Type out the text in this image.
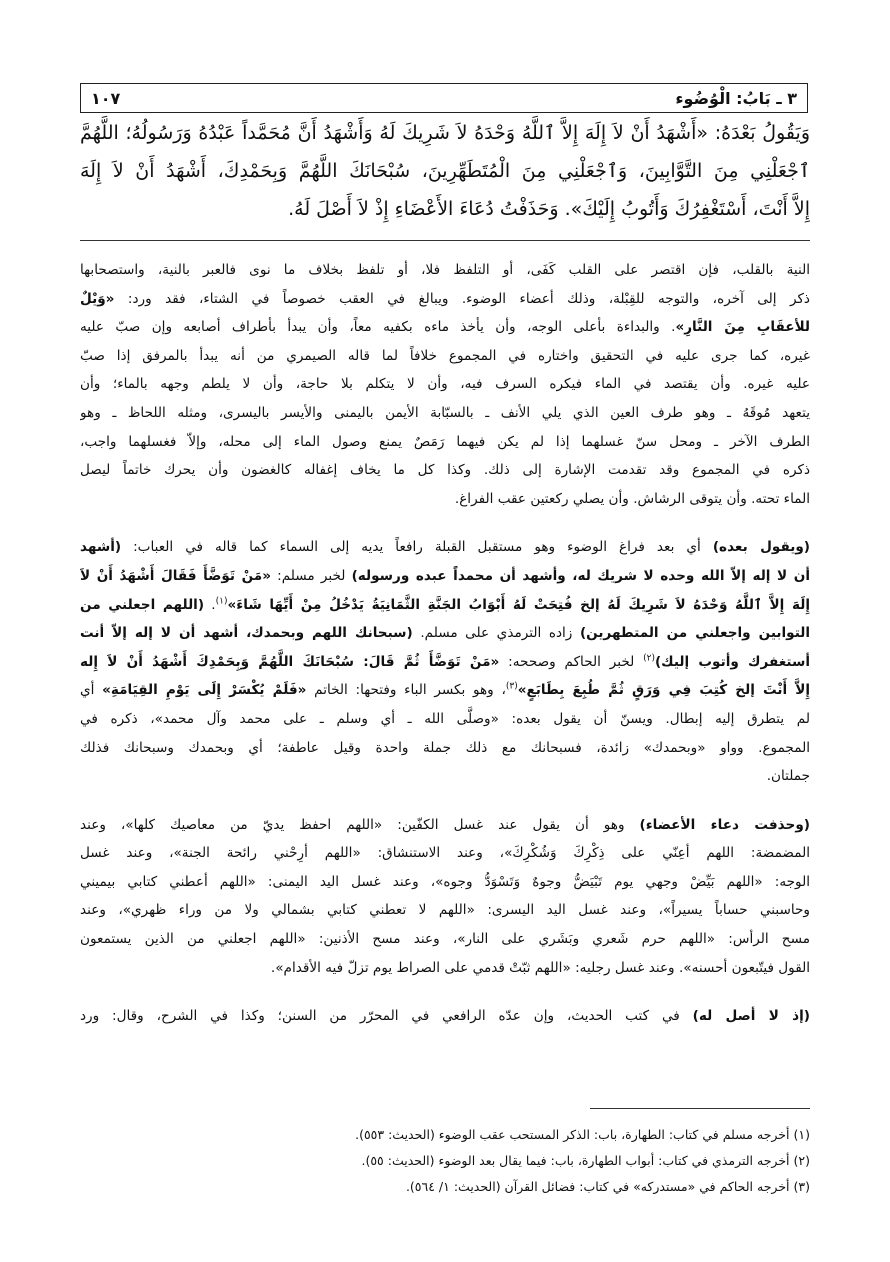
٣ ـ بَابُ: الْوُضُوء
١٠٧
وَيَقُولُ بَعْدَهُ: «أَشْهَدُ أَنْ لاَ إِلَهَ إِلاَّ ٱللَّهُ وَحْدَهُ لاَ شَرِيكَ لَهُ وَأَشْهَدُ أَنَّ مُحَمَّداً عَبْدُهُ وَرَسُولُهُ؛ اللَّهُمَّ
ٱجْعَلْنِي مِنَ التَّوَّابِينَ، وَٱجْعَلْنِي مِنَ الْمُتَطَهِّرِينَ، سُبْحَانَكَ اللَّهُمَّ وَبِحَمْدِكَ، أَشْهَدُ أَنْ لاَ إِلَهَ
إِلاَّ أَنْتَ، أَسْتَغْفِرُكَ وَأَتُوبُ إِلَيْكَ». وَحَذَفْتُ دُعَاءَ الأَعْضَاءِ إِذْ لاَ أَصْلَ لَهُ.
النية بالقلب، فإن اقتصر على القلب كَفَى، أو التلفظ فلا، أو تلفظ بخلاف ما نوى فالعبر بالنية، واستصحابها
ذكر إلى آخره، والتوجه للقِبْلة، وذلك أعضاء الوضوء. ويبالغ في العقب خصوصاً في الشتاء، فقد ورد: «وَيْلٌ
للأعقَابِ مِنَ النَّارِ». والبداءة بأعلى الوجه، وأن يأخذ ماءه بكفيه معاً، وأن يبدأ بأطراف أصابعه وإن صبّ عليه
غيره، كما جرى عليه في التحقيق واختاره في المجموع خلافاً لما قاله الصيمري من أنه يبدأ بالمرفق إذا صبّ
عليه غيره. وأن يقتصد في الماء فيكره السرف فيه، وأن لا يتكلم بلا حاجة، وأن لا يلطم وجهه بالماء؛ وأن
يتعهد مُوقَهُ ـ وهو طرف العين الذي يلي الأنف ـ بالسبّابة الأيمن باليمنى والأيسر باليسرى، ومثله اللحاظ ـ وهو
الطرف الآخر ـ ومحل سنّ غسلهما إذا لم يكن فيهما رَمَصٌ يمنع وصول الماء إلى محله، وإلاّ فغسلهما واجب،
ذكره في المجموع وقد تقدمت الإشارة إلى ذلك. وكذا كل ما يخاف إغفاله كالغضون وأن يحرك خاتماً ليصل
الماء تحته. وأن يتوقى الرشاش. وأن يصلي ركعتين عقب الفراغ.
(ويقول بعده) أي بعد فراغ الوضوء وهو مستقبل القبلة رافعاً يديه إلى السماء كما قاله في العباب: (أشهد
أن لا إله إلاّ الله وحده لا شريك له، وأشهد أن محمداً عبده ورسوله) لخبر مسلم: «مَنْ تَوَضَّأَ فَقَالَ أَشْهَدُ أَنْ لاَ
إِلَهَ إِلاَّ ٱللَّهُ وَحْدَهُ لاَ شَرِيكَ لَهُ إلخ فُتِحَتْ لَهُ أَبْوَابُ الجَنَّةِ الثَّمَانِيَةُ يَدْخُلُ مِنْ أَيِّهَا شَاءَ»$^{(١)}$. (اللهم اجعلني من
التوابين واجعلني من المتطهرين) زاده الترمذي على مسلم. (سبحانك اللهم وبحمدك، أشهد أن لا إله إلاّ أنت
أستغفرك وأتوب إليك)$^{(٢)}$ لخبر الحاكم وصححه: «مَنْ تَوَضَّأَ ثُمَّ قَالَ: سُبْحَانَكَ اللَّهُمَّ وَبِحَمْدِكَ أَشْهَدُ أَنْ لاَ إِله
إِلاَّ أَنْتَ إلخ كُتِبَ فِي وَرَقٍ ثُمَّ طُبِعَ بِطَابَعٍ»$^{(٣)}$، وهو بكسر الباء وفتحها: الخاتم «فَلَمْ يُكْسَرْ إِلَى يَوْمِ القِيَامَةِ» أي
لم يتطرق إليه إبطال. ويسنّ أن يقول بعده: «وصلَّى الله ـ أي وسلم ـ على محمد وآل محمد»، ذكره في
المجموع. وواو «وبحمدك» زائدة، فسبحانك مع ذلك جملة واحدة وقيل عاطفة؛ أي وبحمدك وسبحانك فذلك
جملتان.
(وحذفت دعاء الأعضاء) وهو أن يقول عند غسل الكفّين: «اللهم احفظ يديّ من معاصيك كلها»، وعند
المضمضة: اللهم أعِنّي على ذِكْرِكَ وَشُكْرِكَ»، وعند الاستنشاق: «اللهم أرِحْني رائحة الجنة»، وعند غسل
الوجه: «اللهم بَيِّضْ وجهي يوم تَبْيَضُّ وجوهٌ وَتَسْوَدُّ وجوه»، وعند غسل اليد اليمنى: «اللهم أعطني كتابي بيميني
وحاسبني حساباً يسيراً»، وعند غسل اليد اليسرى: «اللهم لا تعطني كتابي بشمالي ولا من وراء ظهري»، وعند
مسح الرأس: «اللهم حرم شَعري وبَشَري على النار»، وعند مسح الأذنين: «اللهم اجعلني من الذين يستمعون
القول فيتّبعون أحسنه». وعند غسل رجليه: «اللهم ثبّتْ قدمي على الصراط يوم تزلّ فيه الأقدام».
(إذ لا أصل له) في كتب الحديث، وإن عدّه الرافعي في المحرّر من السنن؛ وكذا في الشرح، وقال: ورد
(١) أخرجه مسلم في كتاب: الطهارة، باب: الذكر المستحب عقب الوضوء (الحديث: ٥٥٣).
(٢) أخرجه الترمذي في كتاب: أبواب الطهارة، باب: فيما يقال بعد الوضوء (الحديث: ٥٥).
(٣) أخرجه الحاكم في «مستدركه» في كتاب: فضائل القرآن (الحديث: ١/ ٥٦٤).
